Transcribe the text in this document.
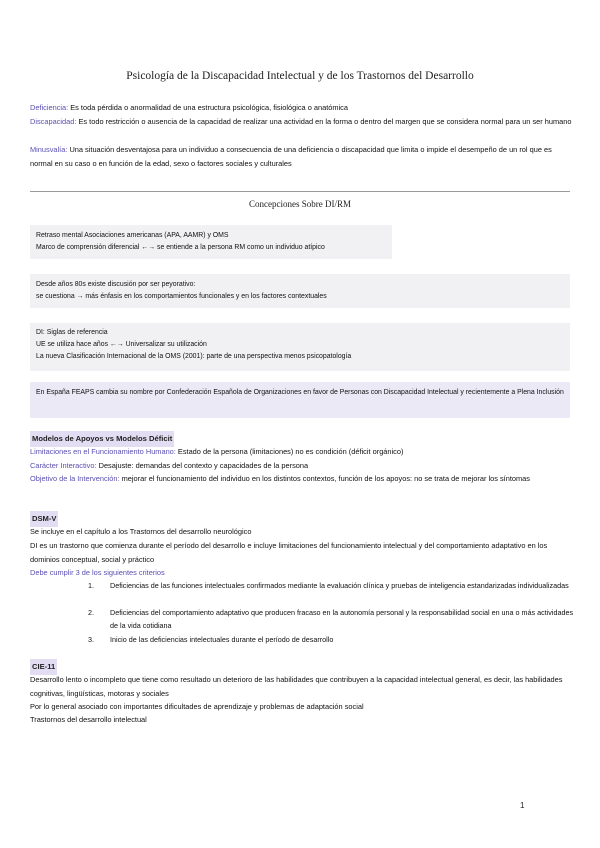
Psicología de la Discapacidad Intelectual y de los Trastornos del Desarrollo
Deficiencia: Es toda pérdida o anormalidad de una estructura psicológica, fisiológica o anatómica
Discapacidad: Es todo restricción o ausencia de la capacidad de realizar una actividad en la forma o dentro del margen que se considera normal para un ser humano
Minusvalía: Una situación desventajosa para un individuo a consecuencia de una deficiencia o discapacidad que limita o impide el desempeño de un rol que es normal en su caso o en función de la edad, sexo o factores sociales y culturales
Concepciones Sobre DI/RM
Retraso mental Asociaciones americanas (APA, AAMR) y OMS
Marco de comprensión diferencial ←→ se entiende a la persona RM como un individuo atípico
Desde años 80s existe discusión por ser peyorativo:
se cuestiona → más énfasis en los comportamientos funcionales y en los factores contextuales
DI: Siglas de referencia
UE se utiliza hace años ←→ Universalizar su utilización
La nueva Clasificación Internacional de la OMS (2001): parte de una perspectiva menos psicopatología
En España FEAPS cambia su nombre por Confederación Española de Organizaciones en favor de Personas con Discapacidad Intelectual y recientemente a Plena Inclusión
Modelos de Apoyos vs Modelos Déficit
Limitaciones en el Funcionamiento Humano: Estado de la persona (limitaciones) no es condición (déficit orgánico)
Carácter Interactivo: Desajuste: demandas del contexto y capacidades de la persona
Objetivo de la Intervención: mejorar el funcionamiento del individuo en los distintos contextos, función de los apoyos: no se trata de mejorar los síntomas
DSM-V
Se incluye en el capítulo a los Trastornos del desarrollo neurológico
DI es un trastorno que comienza durante el período del desarrollo e incluye limitaciones del funcionamiento intelectual y del comportamiento adaptativo en los dominios conceptual, social y práctico
Debe cumplir 3 de los siguientes criterios
1.	Deficiencias de las funciones intelectuales confirmados mediante la evaluación clínica y pruebas de inteligencia estandarizadas individualizadas
2.	Deficiencias del comportamiento adaptativo que producen fracaso en la autonomía personal y la responsabilidad social en una o más actividades de la vida cotidiana
3.	Inicio de las deficiencias intelectuales durante el período de desarrollo
CIE-11
Desarrollo lento o incompleto que tiene como resultado un deterioro de las habilidades que contribuyen a la capacidad intelectual general, es decir, las habilidades cognitivas, lingüísticas, motoras y sociales
Por lo general asociado con importantes dificultades de aprendizaje y problemas de adaptación social
Trastornos del desarrollo intelectual
1
